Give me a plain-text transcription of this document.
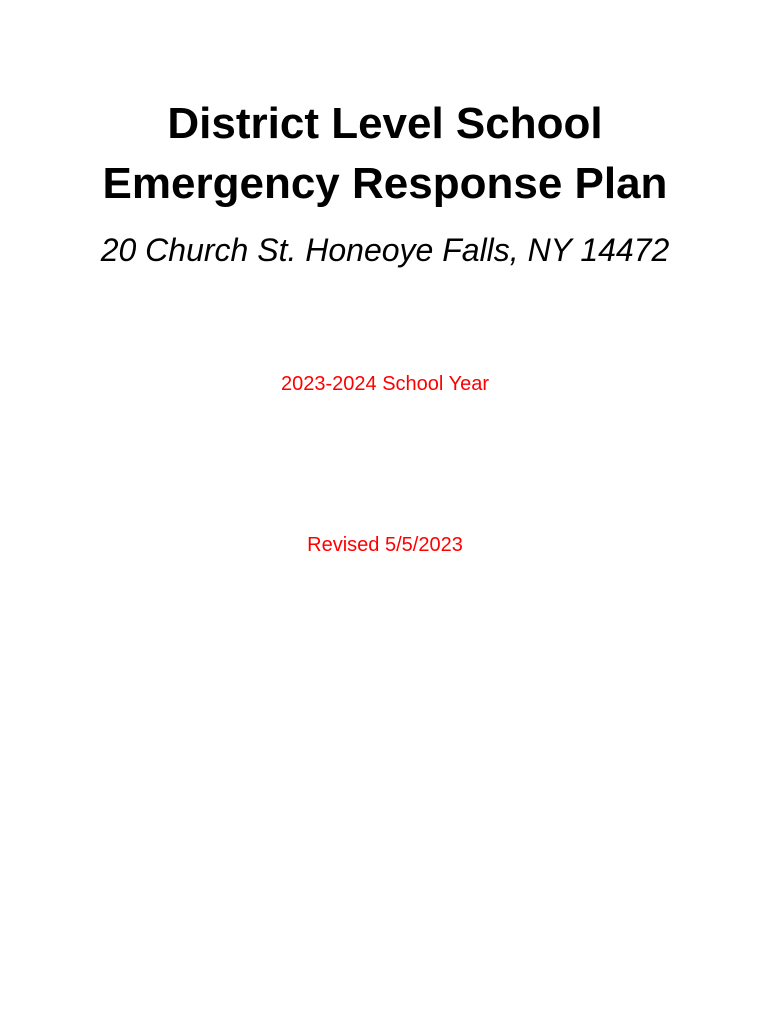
District Level School
Emergency Response Plan
20 Church St. Honeoye Falls, NY 14472
2023-2024 School Year
Revised 5/5/2023
